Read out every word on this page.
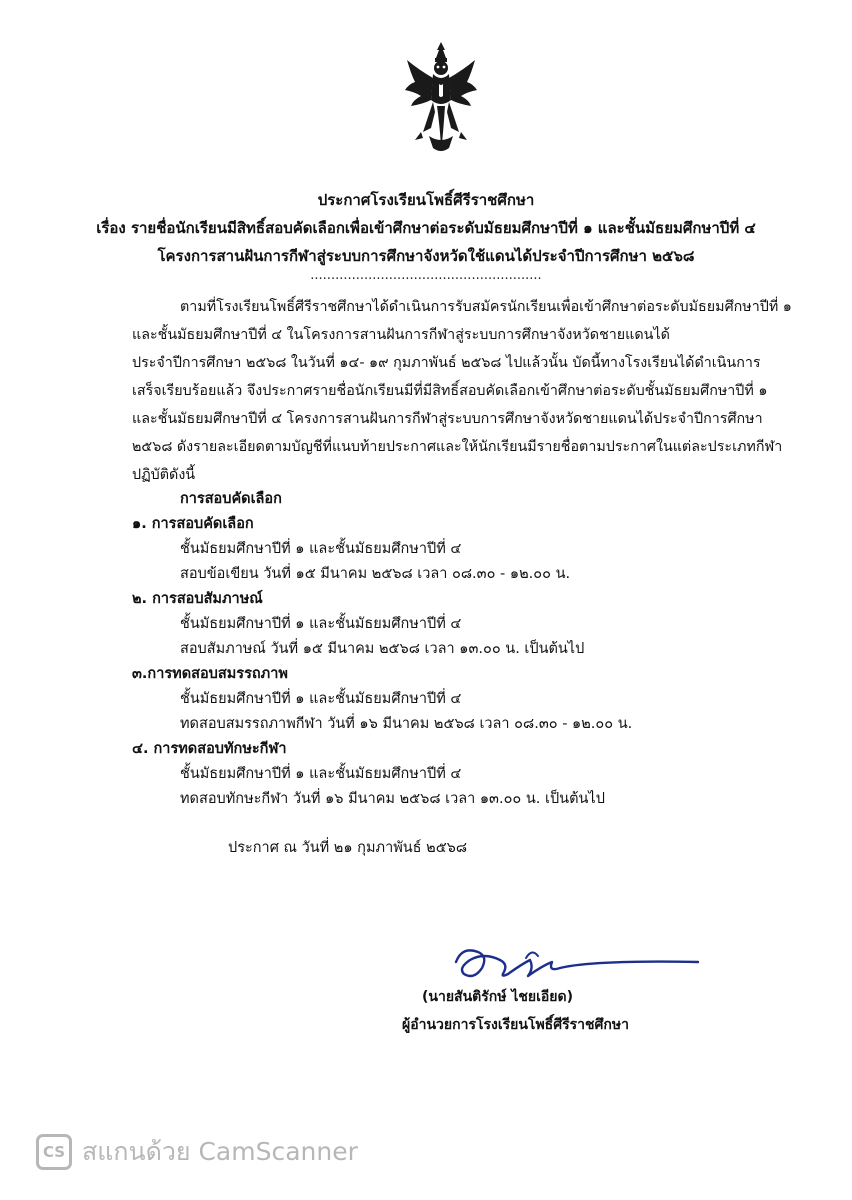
ประกาศโรงเรียนโพธิ์ศีรีราชศึกษา
เรื่อง รายชื่อนักเรียนมีสิทธิ์สอบคัดเลือกเพื่อเข้าศึกษาต่อระดับมัธยมศึกษาปีที่ ๑ และชั้นมัธยมศึกษาปีที่ ๔
โครงการสานฝันการกีฬาสู่ระบบการศึกษาจังหวัดใช้แดนได้ประจำปีการศึกษา ๒๕๖๘
........................................................
ตามที่โรงเรียนโพธิ์ศีรีราชศึกษาได้ดำเนินการรับสมัครนักเรียนเพื่อเข้าศึกษาต่อระดับมัธยมศึกษาปีที่ ๑
และชั้นมัธยมศึกษาปีที่ ๔ ในโครงการสานฝันการกีฬาสู่ระบบการศึกษาจังหวัดชายแดนได้
ประจำปีการศึกษา ๒๕๖๘ ในวันที่ ๑๔- ๑๙ กุมภาพันธ์ ๒๕๖๘ ไปแล้วนั้น บัดนี้ทางโรงเรียนได้ดำเนินการ
เสร็จเรียบร้อยแล้ว จึงประกาศรายชื่อนักเรียนมีที่มีสิทธิ์สอบคัดเลือกเข้าศึกษาต่อระดับชั้นมัธยมศึกษาปีที่ ๑
และชั้นมัธยมศึกษาปีที่ ๔ โครงการสานฝันการกีฬาสู่ระบบการศึกษาจังหวัดชายแดนได้ประจำปีการศึกษา
๒๕๖๘ ดังรายละเอียดตามบัญชีที่แนบท้ายประกาศและให้นักเรียนมีรายชื่อตามประกาศในแต่ละประเภทกีฬา
ปฏิบัติดังนี้
การสอบคัดเลือก
๑. การสอบคัดเลือก
ชั้นมัธยมศึกษาปีที่ ๑ และชั้นมัธยมศึกษาปีที่ ๔
สอบข้อเขียน วันที่ ๑๕ มีนาคม ๒๕๖๘ เวลา ๐๘.๓๐ - ๑๒.๐๐ น.
๒. การสอบสัมภาษณ์
ชั้นมัธยมศึกษาปีที่ ๑ และชั้นมัธยมศึกษาปีที่ ๔
สอบสัมภาษณ์ วันที่ ๑๕ มีนาคม ๒๕๖๘ เวลา ๑๓.๐๐ น. เป็นต้นไป
๓.การทดสอบสมรรถภาพ
ชั้นมัธยมศึกษาปีที่ ๑ และชั้นมัธยมศึกษาปีที่ ๔
ทดสอบสมรรถภาพกีฬา วันที่ ๑๖ มีนาคม ๒๕๖๘ เวลา ๐๘.๓๐ - ๑๒.๐๐ น.
๔. การทดสอบทักษะกีฬา
ชั้นมัธยมศึกษาปีที่ ๑ และชั้นมัธยมศึกษาปีที่ ๔
ทดสอบทักษะกีฬา วันที่ ๑๖ มีนาคม ๒๕๖๘ เวลา ๑๓.๐๐ น. เป็นต้นไป
ประกาศ ณ วันที่ ๒๑ กุมภาพันธ์ ๒๕๖๘
(นายสันติรักษ์ ไชยเอียด)
ผู้อำนวยการโรงเรียนโพธิ์ศีรีราชศึกษา
CS สแกนด้วย CamScanner
